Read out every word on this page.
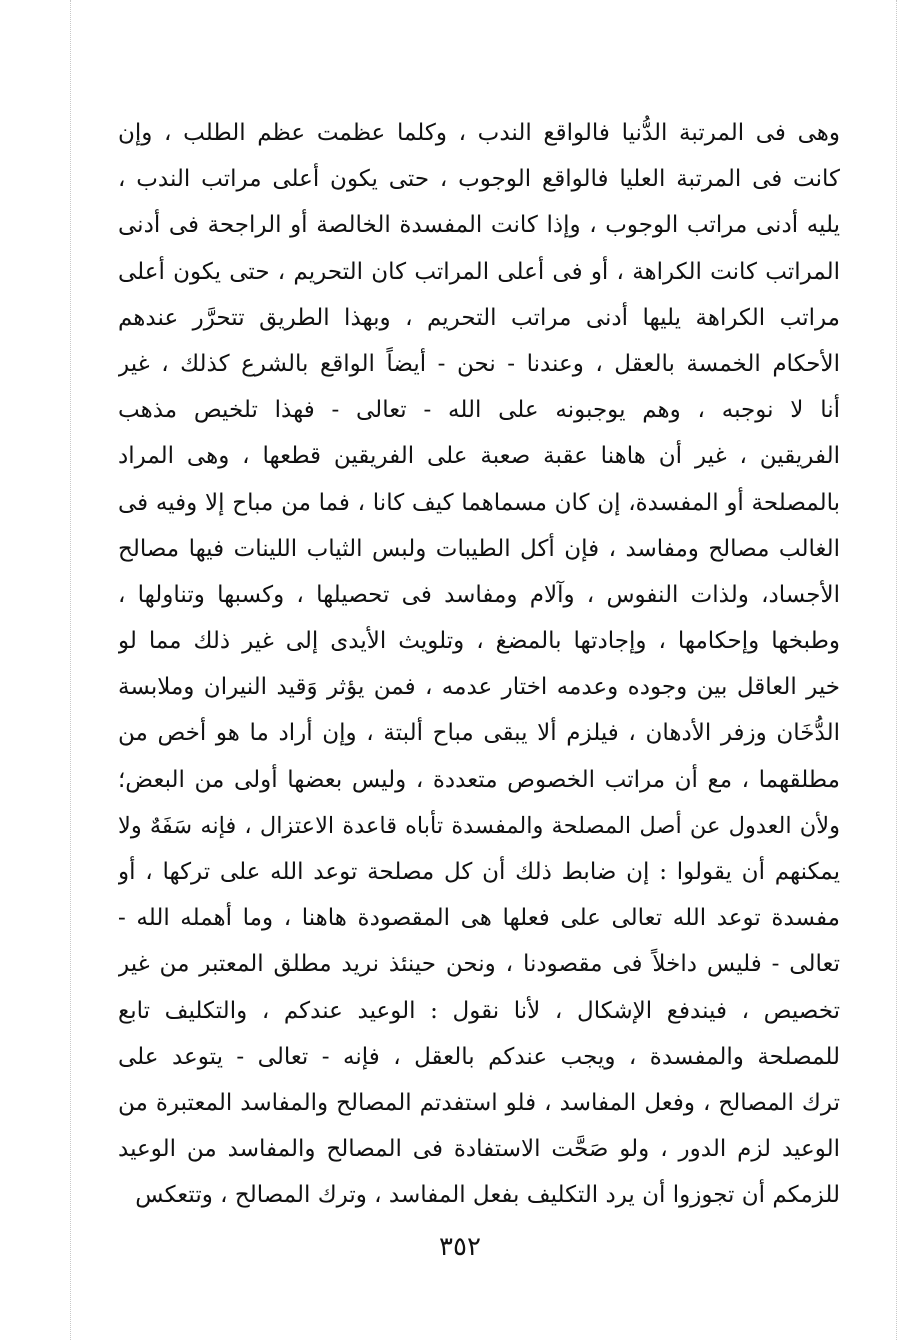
وهى فى المرتبة الدُّنيا فالواقع الندب ، وكلما عظمت عظم الطلب ، وإن
كانت فى المرتبة العليا فالواقع الوجوب ، حتى يكون أعلى مراتب الندب ،
يليه أدنى مراتب الوجوب ، وإذا كانت المفسدة الخالصة أو الراجحة فى أدنى
المراتب كانت الكراهة ، أو فى أعلى المراتب كان التحريم ، حتى يكون أعلى
مراتب الكراهة يليها أدنى مراتب التحريم ، وبهذا الطريق تتحرَّر عندهم
الأحكام الخمسة بالعقل ، وعندنا - نحن - أيضاً الواقع بالشرع كذلك ، غير
أنا لا نوجبه ، وهم يوجبونه على الله - تعالى - فهذا تلخيص مذهب
الفريقين ، غير أن هاهنا عقبة صعبة على الفريقين قطعها ، وهى المراد
بالمصلحة أو المفسدة، إن كان مسماهما كيف كانا ، فما من مباح إلا وفيه فى
الغالب مصالح ومفاسد ، فإن أكل الطيبات ولبس الثياب اللينات فيها مصالح
الأجساد، ولذات النفوس ، وآلام ومفاسد فى تحصيلها ، وكسبها وتناولها ،
وطبخها وإحكامها ، وإجادتها بالمضغ ، وتلويث الأيدى إلى غير ذلك مما لو
خير العاقل بين وجوده وعدمه اختار عدمه ، فمن يؤثر وَقيد النيران وملابسة
الدُّخَان وزفر الأدهان ، فيلزم ألا يبقى مباح ألبتة ، وإن أراد ما هو أخص من
مطلقهما ، مع أن مراتب الخصوص متعددة ، وليس بعضها أولى من البعض؛
ولأن العدول عن أصل المصلحة والمفسدة تأباه قاعدة الاعتزال ، فإنه سَفَهٌ ولا
يمكنهم أن يقولوا : إن ضابط ذلك أن كل مصلحة توعد الله على تركها ، أو
مفسدة توعد الله تعالى على فعلها هى المقصودة هاهنا ، وما أهمله الله -
تعالى - فليس داخلاً فى مقصودنا ، ونحن حينئذ نريد مطلق المعتبر من غير
تخصيص ، فيندفع الإشكال ، لأنا نقول : الوعيد عندكم ، والتكليف تابع
للمصلحة والمفسدة ، ويجب عندكم بالعقل ، فإنه - تعالى - يتوعد على
ترك المصالح ، وفعل المفاسد ، فلو استفدتم المصالح والمفاسد المعتبرة من
الوعيد لزم الدور ، ولو صَحَّت الاستفادة فى المصالح والمفاسد من الوعيد
للزمكم أن تجوزوا أن يرد التكليف بفعل المفاسد ، وترك المصالح ، وتتعكس
٣٥٢
